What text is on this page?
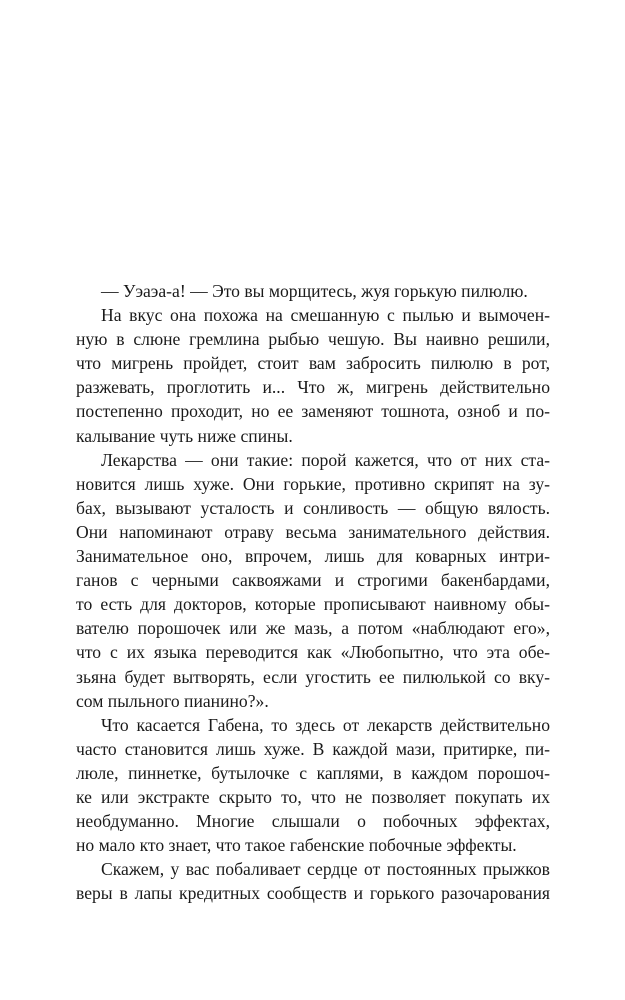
— Уэаэа-а! — Это вы морщитесь, жуя горькую пилюлю.
На вкус она похожа на смешанную с пылью и вымочен-
ную в слюне гремлина рыбью чешую. Вы наивно решили,
что мигрень пройдет, стоит вам забросить пилюлю в рот,
разжевать, проглотить и... Что ж, мигрень действительно
постепенно проходит, но ее заменяют тошнота, озноб и по-
калывание чуть ниже спины.
Лекарства — они такие: порой кажется, что от них ста-
новится лишь хуже. Они горькие, противно скрипят на зу-
бах, вызывают усталость и сонливость — общую вялость.
Они напоминают отраву весьма занимательного действия.
Занимательное оно, впрочем, лишь для коварных интри-
ганов с черными саквояжами и строгими бакенбардами,
то есть для докторов, которые прописывают наивному обы-
вателю порошочек или же мазь, а потом «наблюдают его»,
что с их языка переводится как «Любопытно, что эта обе-
зьяна будет вытворять, если угостить ее пилюлькой со вку-
сом пыльного пианино?».
Что касается Габена, то здесь от лекарств действительно
часто становится лишь хуже. В каждой мази, притирке, пи-
люле, пиннетке, бутылочке с каплями, в каждом порошоч-
ке или экстракте скрыто то, что не позволяет покупать их
необдуманно. Многие слышали о побочных эффектах,
но мало кто знает, что такое габенские побочные эффекты.
Скажем, у вас побаливает сердце от постоянных прыжков
веры в лапы кредитных сообществ и горького разочарования
